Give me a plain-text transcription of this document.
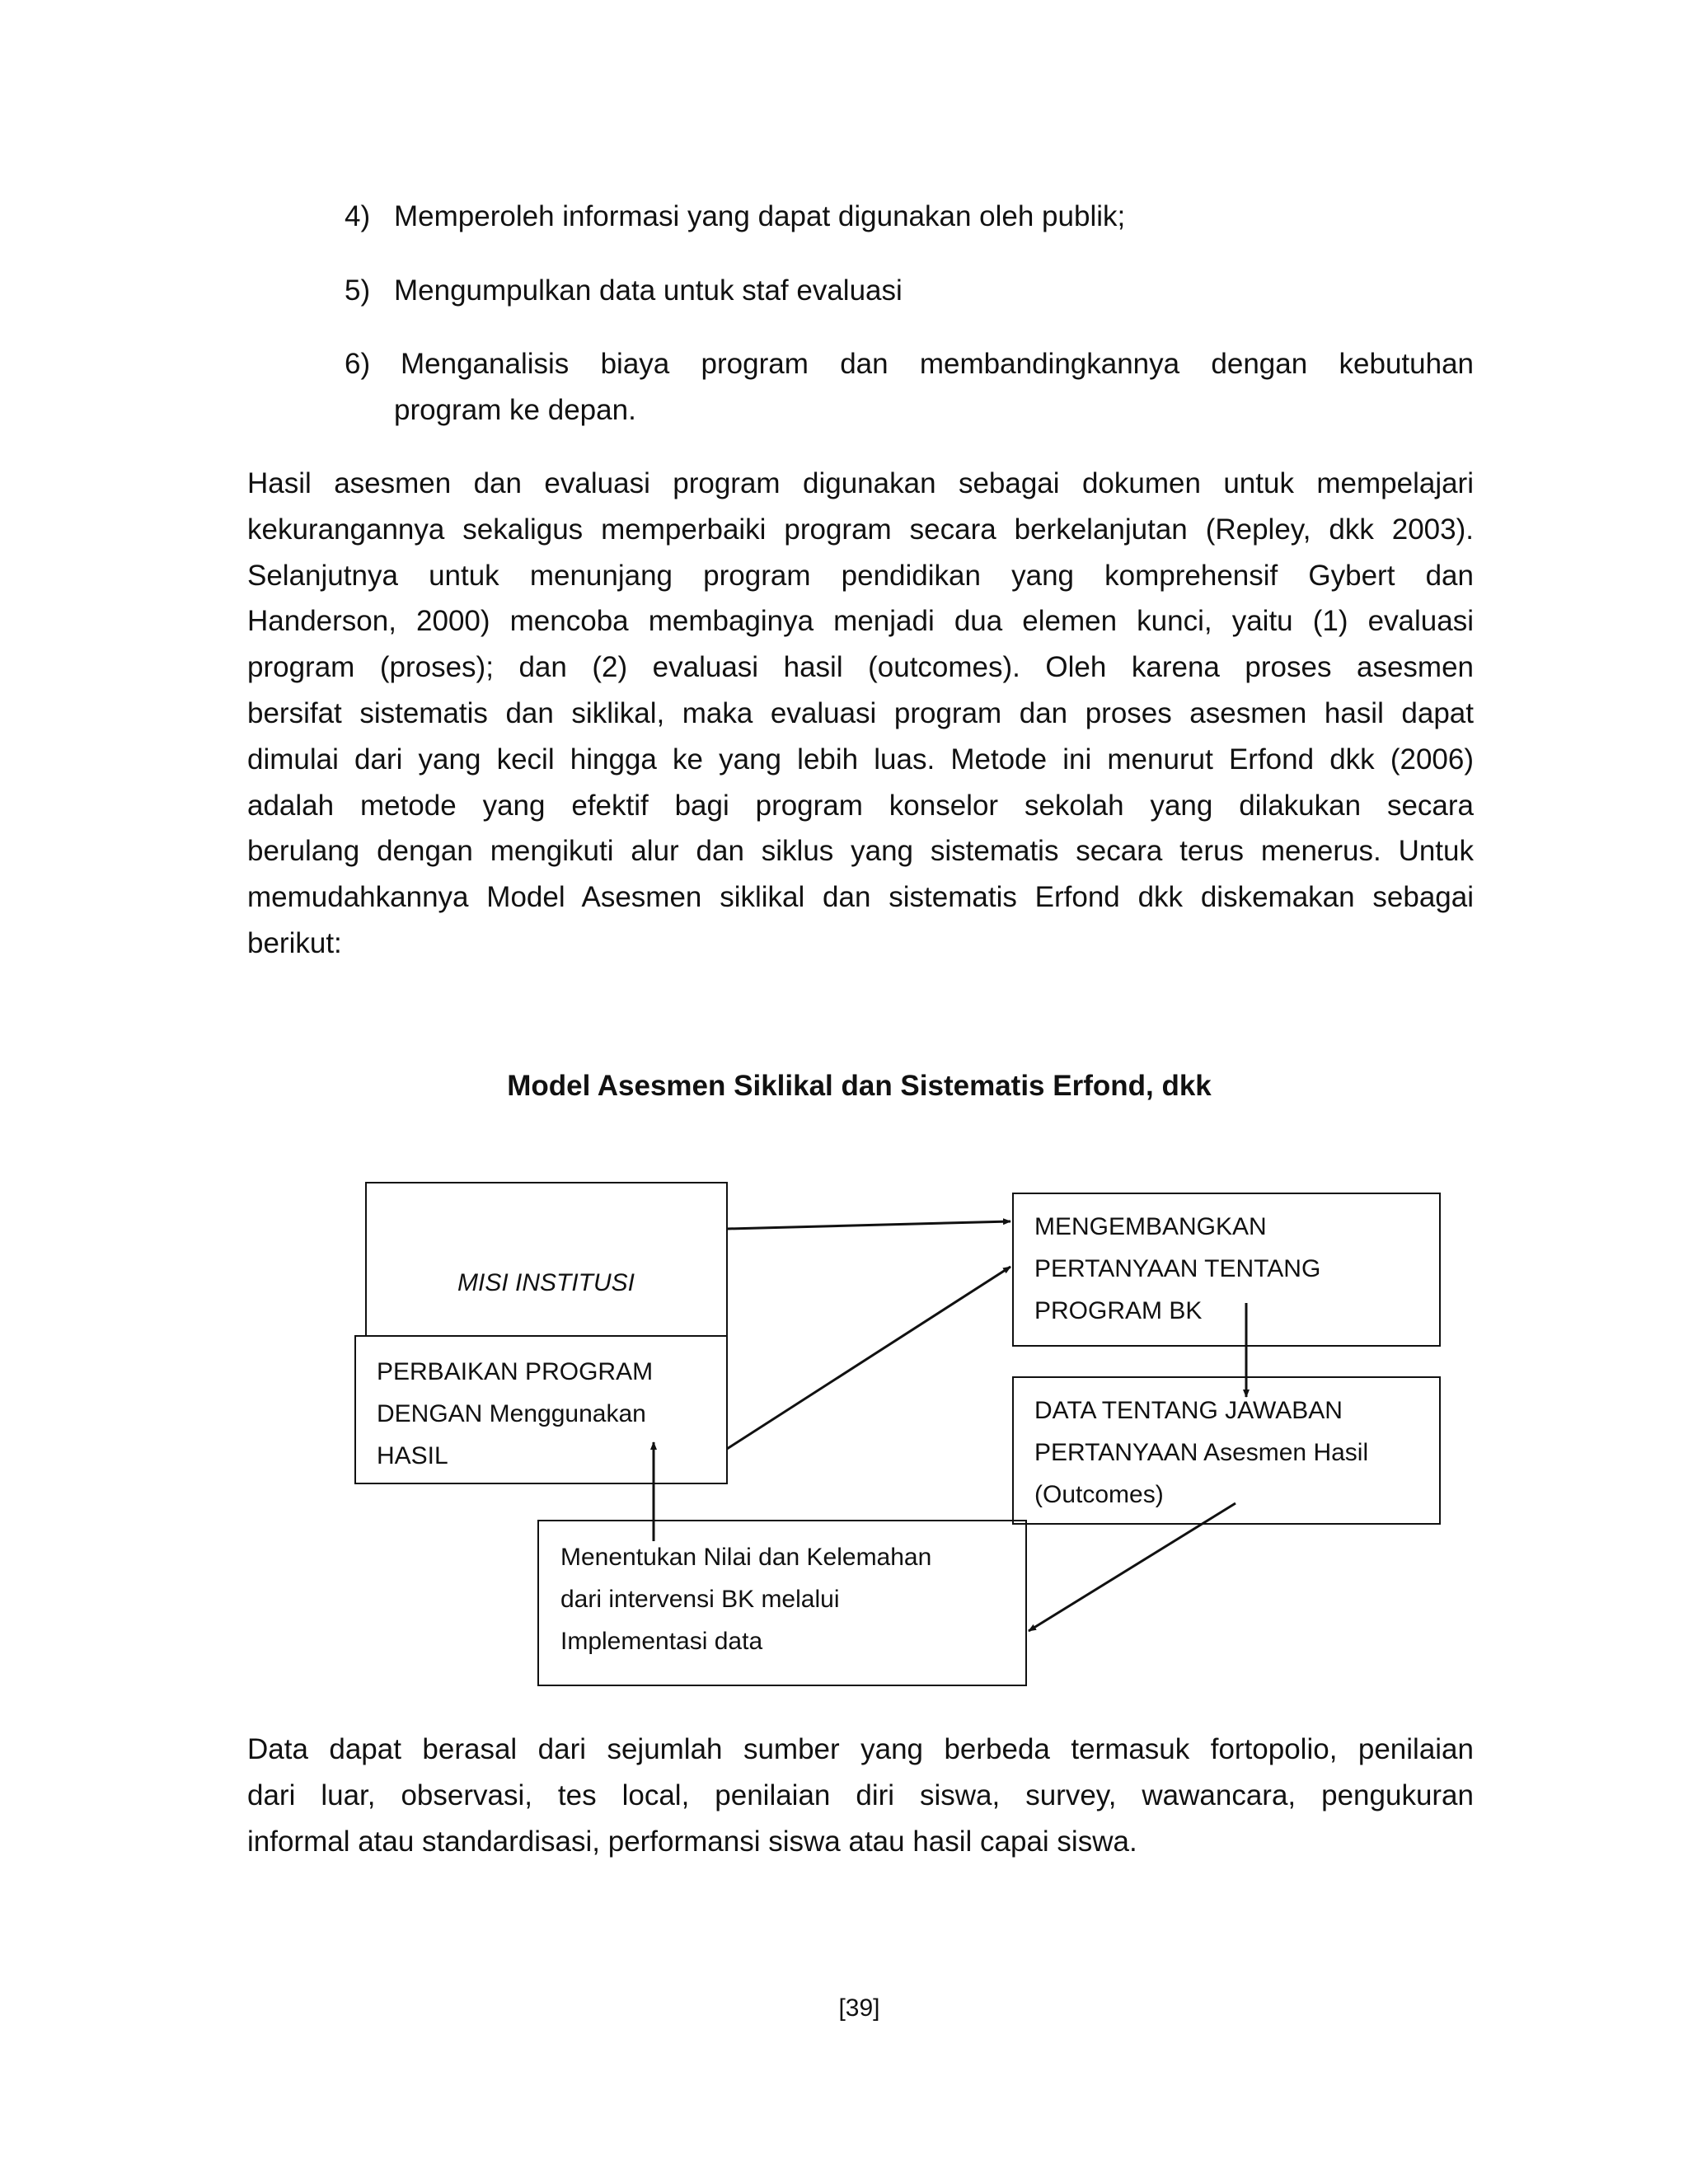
4) Memperoleh informasi yang dapat digunakan oleh publik;
5) Mengumpulkan data untuk staf evaluasi
6) Menganalisis biaya program dan membandingkannya dengan kebutuhan
program ke depan.
Hasil asesmen dan evaluasi program digunakan sebagai dokumen untuk mempelajari
kekurangannya sekaligus memperbaiki program secara berkelanjutan (Repley, dkk 2003).
Selanjutnya untuk menunjang program pendidikan yang komprehensif Gybert dan
Handerson, 2000) mencoba membaginya menjadi dua elemen kunci, yaitu (1) evaluasi
program (proses); dan (2) evaluasi hasil (outcomes). Oleh karena proses asesmen
bersifat sistematis dan siklikal, maka evaluasi program dan proses asesmen hasil dapat
dimulai dari yang kecil hingga ke yang lebih luas. Metode ini menurut Erfond dkk (2006)
adalah metode yang efektif bagi program konselor sekolah yang dilakukan secara
berulang dengan mengikuti alur dan siklus yang sistematis secara terus menerus. Untuk
memudahkannya Model Asesmen siklikal dan sistematis Erfond dkk diskemakan sebagai
berikut:
Model Asesmen Siklikal dan Sistematis Erfond, dkk
MISI INSTITUSI
PERBAIKAN PROGRAM
DENGAN Menggunakan
HASIL
MENGEMBANGKAN
PERTANYAAN TENTANG
PROGRAM BK
DATA TENTANG JAWABAN
PERTANYAAN Asesmen Hasil
(Outcomes)
Menentukan Nilai dan Kelemahan
dari intervensi BK melalui
Implementasi data
Data dapat berasal dari sejumlah sumber yang berbeda termasuk fortopolio, penilaian
dari luar, observasi, tes local, penilaian diri siswa, survey, wawancara, pengukuran
informal atau standardisasi, performansi siswa atau hasil capai siswa.
[39]
